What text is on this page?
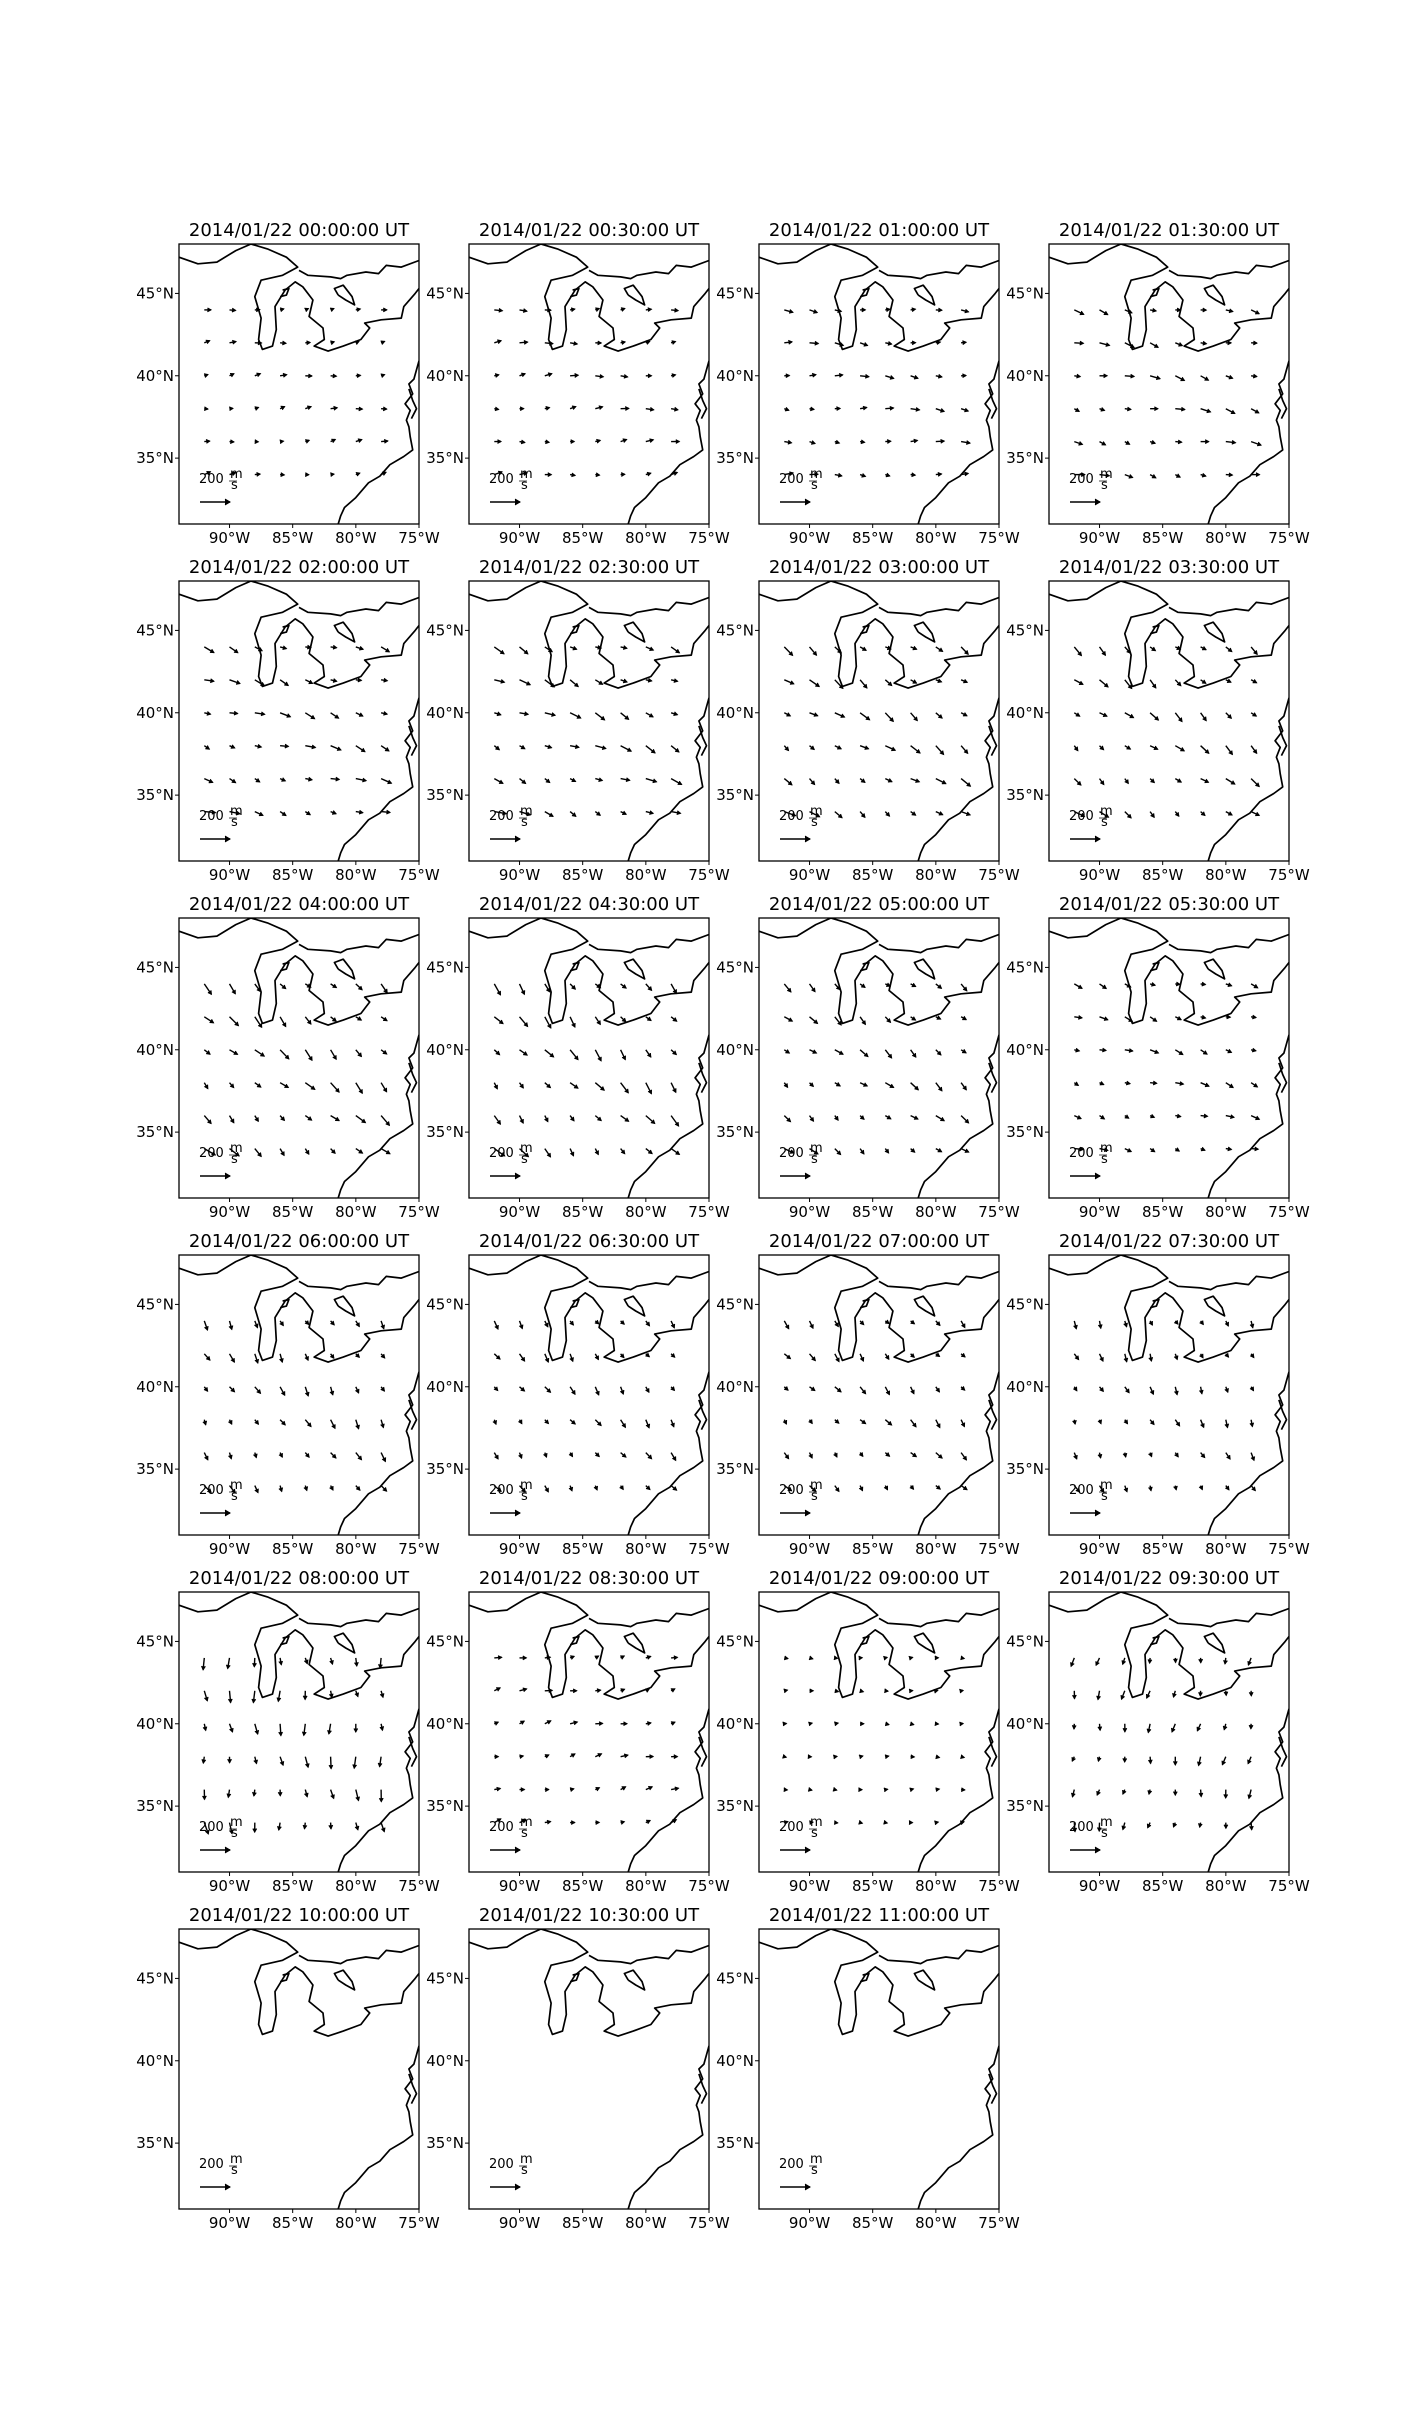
200 m
s
90°W 85°W 80°W 75°W
45°N
40°N
35°N
2014/01/22 00:00:00 UT
200 m
s
90°W 85°W 80°W 75°W
45°N
40°N
35°N
2014/01/22 00:30:00 UT
200 m
s
90°W 85°W 80°W 75°W
45°N
40°N
35°N
2014/01/22 01:00:00 UT
200 m
s
90°W 85°W 80°W 75°W
45°N
40°N
35°N
2014/01/22 01:30:00 UT
200 m
s
90°W 85°W 80°W 75°W
45°N
40°N
35°N
2014/01/22 02:00:00 UT
200 m
s
90°W 85°W 80°W 75°W
45°N
40°N
35°N
2014/01/22 02:30:00 UT
200 m
s
90°W 85°W 80°W 75°W
45°N
40°N
35°N
2014/01/22 03:00:00 UT
200 m
s
90°W 85°W 80°W 75°W
45°N
40°N
35°N
2014/01/22 03:30:00 UT
200 m
s
90°W 85°W 80°W 75°W
45°N
40°N
35°N
2014/01/22 04:00:00 UT
200 m
s
90°W 85°W 80°W 75°W
45°N
40°N
35°N
2014/01/22 04:30:00 UT
200 m
s
90°W 85°W 80°W 75°W
45°N
40°N
35°N
2014/01/22 05:00:00 UT
200 m
s
90°W 85°W 80°W 75°W
45°N
40°N
35°N
2014/01/22 05:30:00 UT
200 m
s
90°W 85°W 80°W 75°W
45°N
40°N
35°N
2014/01/22 06:00:00 UT
200 m
s
90°W 85°W 80°W 75°W
45°N
40°N
35°N
2014/01/22 06:30:00 UT
200 m
s
90°W 85°W 80°W 75°W
45°N
40°N
35°N
2014/01/22 07:00:00 UT
200 m
s
90°W 85°W 80°W 75°W
45°N
40°N
35°N
2014/01/22 07:30:00 UT
200 m
s
90°W 85°W 80°W 75°W
45°N
40°N
35°N
2014/01/22 08:00:00 UT
200 m
s
90°W 85°W 80°W 75°W
45°N
40°N
35°N
2014/01/22 08:30:00 UT
200 m
s
90°W 85°W 80°W 75°W
45°N
40°N
35°N
2014/01/22 09:00:00 UT
200 m
s
90°W 85°W 80°W 75°W
45°N
40°N
35°N
2014/01/22 09:30:00 UT
200 m
s
90°W 85°W 80°W 75°W
45°N
40°N
35°N
2014/01/22 10:00:00 UT
200 m
s
90°W 85°W 80°W 75°W
45°N
40°N
35°N
2014/01/22 10:30:00 UT
200 m
s
90°W 85°W 80°W 75°W
45°N
40°N
35°N
2014/01/22 11:00:00 UT
